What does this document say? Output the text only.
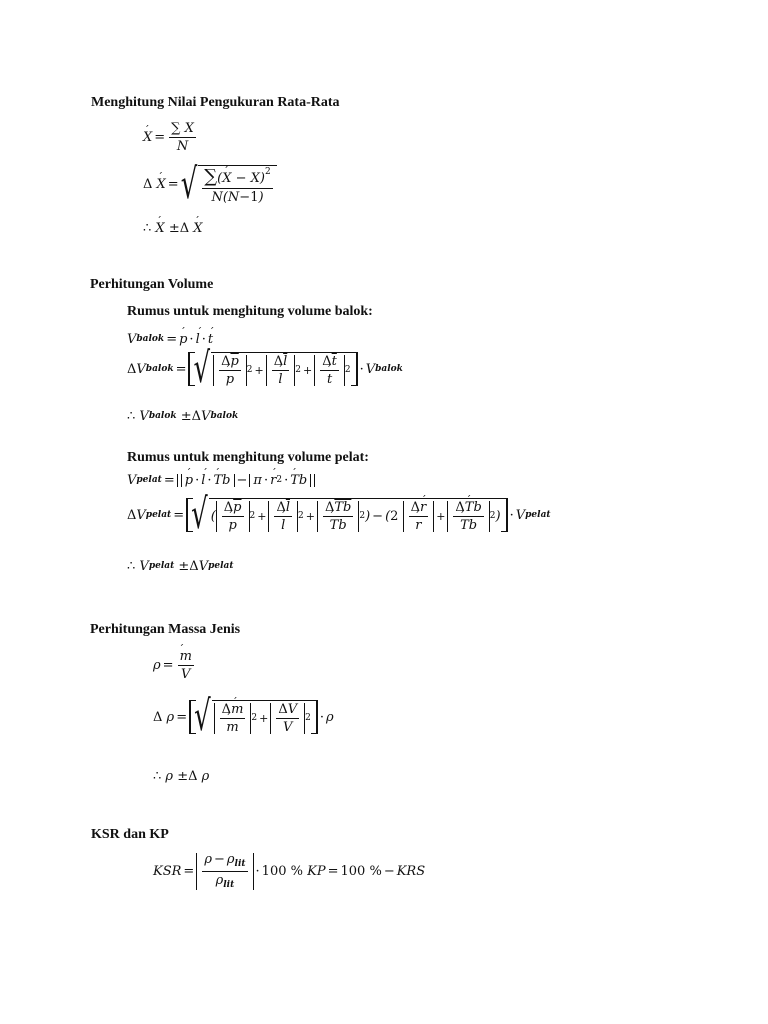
Menghitung Nilai Pengukuran Rata-Rata
X ´ = $\frac{\sum X}{N}$
Δ
X ´ = √ $\frac{\sum(X ´ - X)^2}{N(N-1)}$
∴
X ´
± Δ
X ´
Perhitungan Volume
Rumus untuk menghitung volume balok:
V balok = p ´ · l ´ · t ´
Δ V balok = √ $\frac{\Delta\overline{p}}{p}$ ´ $2 + \frac{\Delta\overline{l}}{l}$ ´ $2 + \frac{\Delta\overline{t}}{t}$ ´ 2 · V balok
∴
V balok
± Δ V balok
Rumus untuk menghitung volume pelat:
V pelat = p ´ · l ´ · Tb ´ − π · r ´ 2 · Tb ´
Δ V pelat = √ ( $\frac{\Delta\overline{p}}{p}$ ´ $2 + \frac{\Delta\overline{l}}{l}$ ´ $2 + \frac{\Delta\overline{Tb}}{Tb}$ ´ 2 ) − ( 2
$\frac{\Delta r ´}{r}$ ´ + $\frac{\text{ΔTb ´}}{Tb}$ ´ 2 ) · V pelat
∴
V pelat
± Δ V pelat
Perhitungan Massa Jenis
$\rho = \frac{m ´}{V}$
Δ
ρ = √ $\frac{\Delta m ´}{m}$ ´ $2 + \frac{\Delta V}{V} 2 \cdot \rho$
∴
ρ
± Δ
ρ
KSR dan KP
KSR = $\frac{\rho - \rho_{lit}}{\rho_{lit}} \cdot 100$ %
KP = 100 % − KRS
